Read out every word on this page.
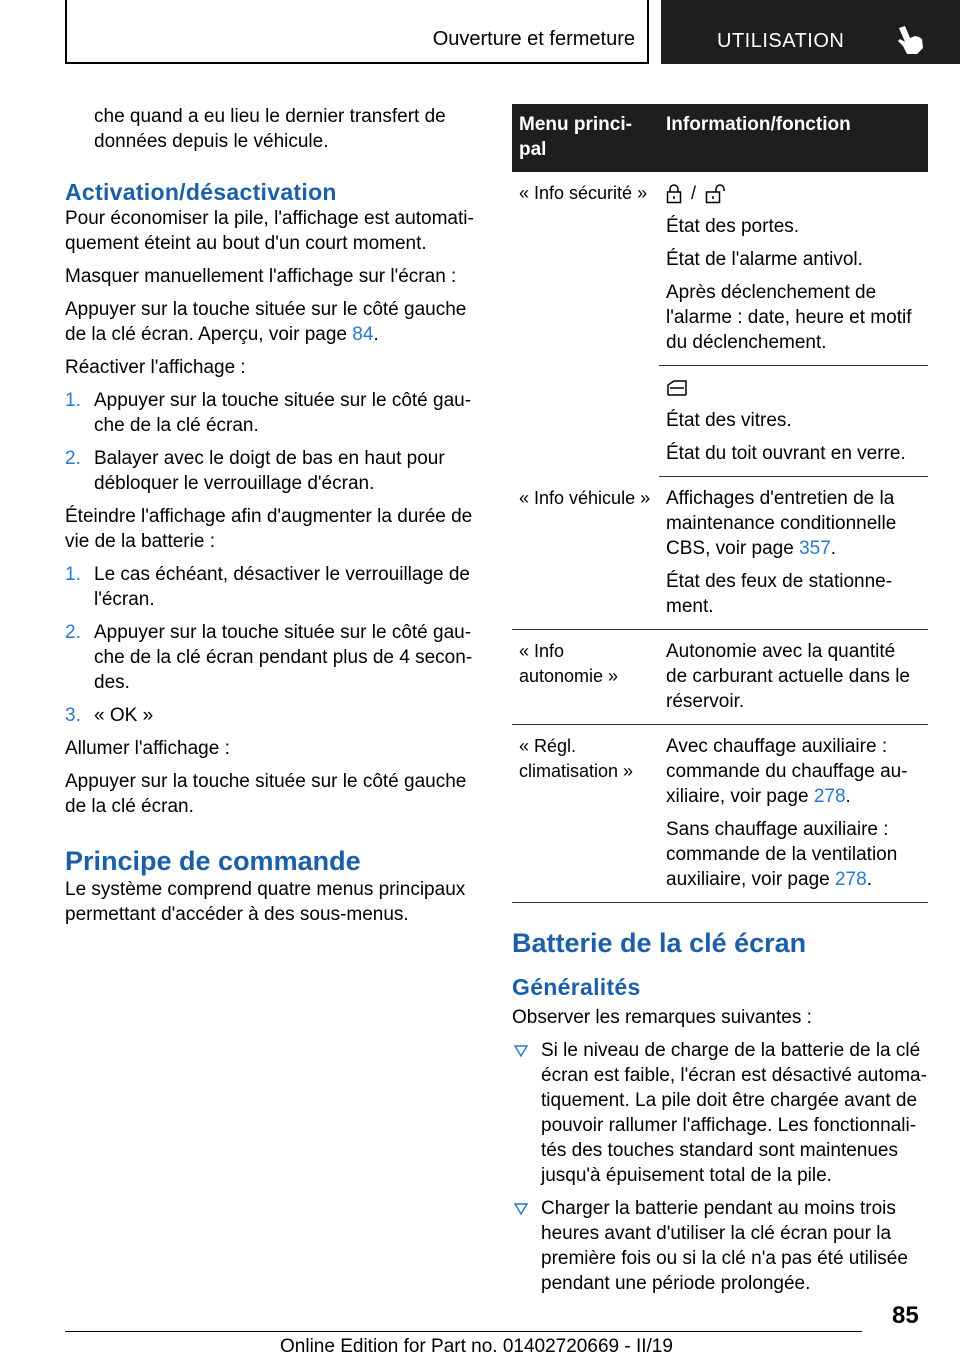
Ouverture et fermeture	UTILISATION

che quand a eu lieu le dernier transfert de données depuis le véhicule.

Activation/désactivation

Pour économiser la pile, l'affichage est automatiquement éteint au bout d'un court moment.

Masquer manuellement l'affichage sur l'écran :

Appuyer sur la touche située sur le côté gauche de la clé écran. Aperçu, voir page 84.

Réactiver l'affichage :

1. Appuyer sur la touche située sur le côté gauche de la clé écran.
2. Balayer avec le doigt de bas en haut pour débloquer le verrouillage d'écran.

Éteindre l'affichage afin d'augmenter la durée de vie de la batterie :

1. Le cas échéant, désactiver le verrouillage de l'écran.
2. Appuyer sur la touche située sur le côté gauche de la clé écran pendant plus de 4 secondes.
3. « OK »

Allumer l'affichage :

Appuyer sur la touche située sur le côté gauche de la clé écran.

Principe de commande

Le système comprend quatre menus principaux permettant d'accéder à des sous-menus.

Menu principal	Information/fonction
« Info sécurité »	/

État des portes.

État de l'alarme antivol.

Après déclenchement de l'alarme : date, heure et motif du déclenchement.

	État des vitres.

État du toit ouvrant en verre.

« Info véhicule »	Affichages d'entretien de la maintenance conditionnelle CBS, voir page 357.

État des feux de stationnement.

« Info autonomie »	Autonomie avec la quantité de carburant actuelle dans le réservoir.

« Régl. climatisation »	Avec chauffage auxiliaire : commande du chauffage auxiliaire, voir page 278.

Sans chauffage auxiliaire : commande de la ventilation auxiliaire, voir page 278.

Batterie de la clé écran
Généralités

Observer les remarques suivantes :

Si le niveau de charge de la batterie de la clé écran est faible, l'écran est désactivé automatiquement. La pile doit être chargée avant de pouvoir rallumer l'affichage. Les fonctionnalités des touches standard sont maintenues jusqu'à épuisement total de la pile.
Charger la batterie pendant au moins trois heures avant d'utiliser la clé écran pour la première fois ou si la clé n'a pas été utilisée pendant une période prolongée.
85
Online Edition for Part no. 01402720669 - II/19
